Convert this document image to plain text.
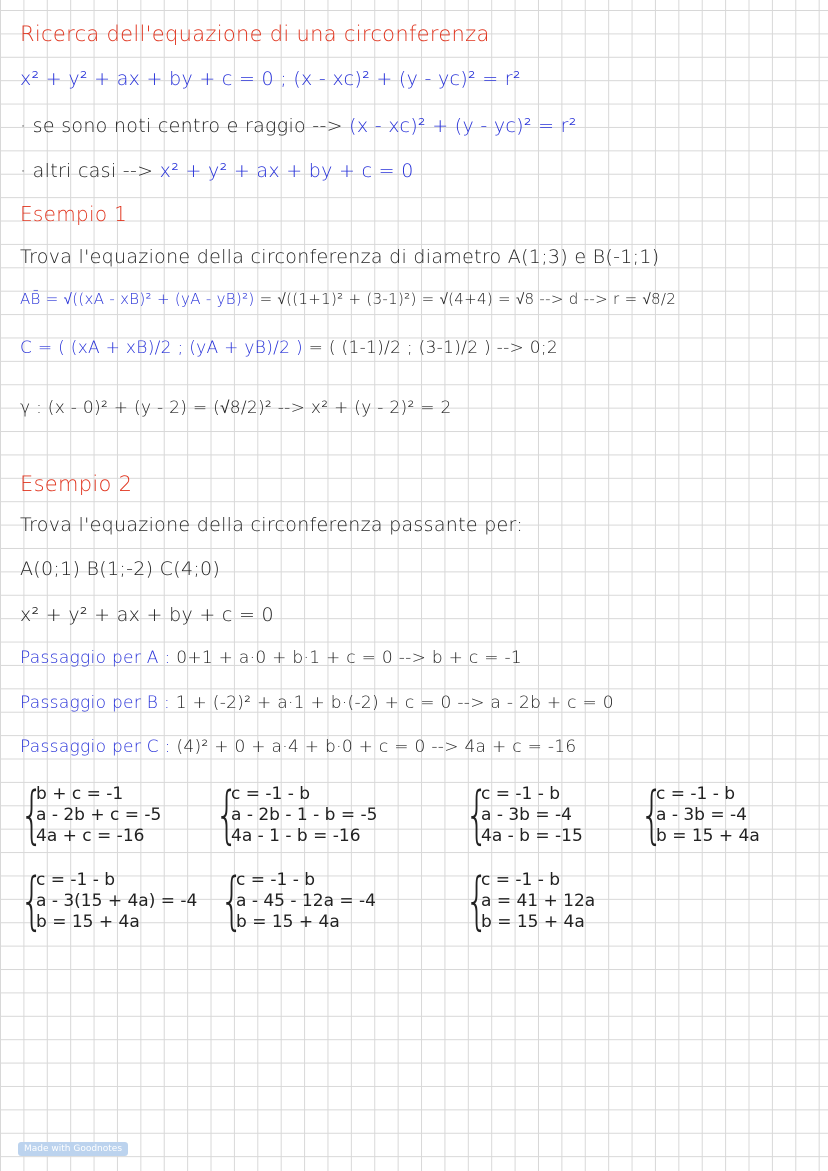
Ricerca dell'equazione di una circonferenza
x² + y² + ax + by + c = 0 ; (x - xc)² + (y - yc)² = r²
· se sono noti centro e raggio --> (x - xc)² + (y - yc)² = r²
· altri casi --> x² + y² + ax + by + c = 0
Esempio 1
Trova l'equazione della circonferenza di diametro A(1;3) e B(-1;1)
AB̄ = √((xA - xB)² + (yA - yB)²) = √((1+1)² + (3-1)²) = √(4+4) = √8 --> d --> r = √8/2
C = ( (xA + xB)/2 ; (yA + yB)/2 ) = ( (1-1)/2 ; (3-1)/2 ) --> 0;2
γ : (x - 0)² + (y - 2) = (√8/2)² --> x² + (y - 2)² = 2
Esempio 2
Trova l'equazione della circonferenza passante per:
A(0;1) B(1;-2) C(4;0)
x² + y² + ax + by + c = 0
Passaggio per A : 0+1 + a·0 + b·1 + c = 0 --> b + c = -1
Passaggio per B : 1 + (-2)² + a·1 + b·(-2) + c = 0 --> a - 2b + c = 0
Passaggio per C : (4)² + 0 + a·4 + b·0 + c = 0 --> 4a + c = -16
{
b + c = -1
a - 2b + c = -5
4a + c = -16 {
c = -1 - b
a - 2b - 1 - b = -5
4a - 1 - b = -16 {
c = -1 - b
a - 3b = -4
4a - b = -15 {
c = -1 - b
a - 3b = -4
b = 15 + 4a
{
c = -1 - b
a - 3(15 + 4a) = -4
b = 15 + 4a	{
c = -1 - b
a - 45 - 12a = -4
b = 15 + 4a	{
c = -1 - b
a = 41 + 12a
b = 15 + 4a
Made with Goodnotes
